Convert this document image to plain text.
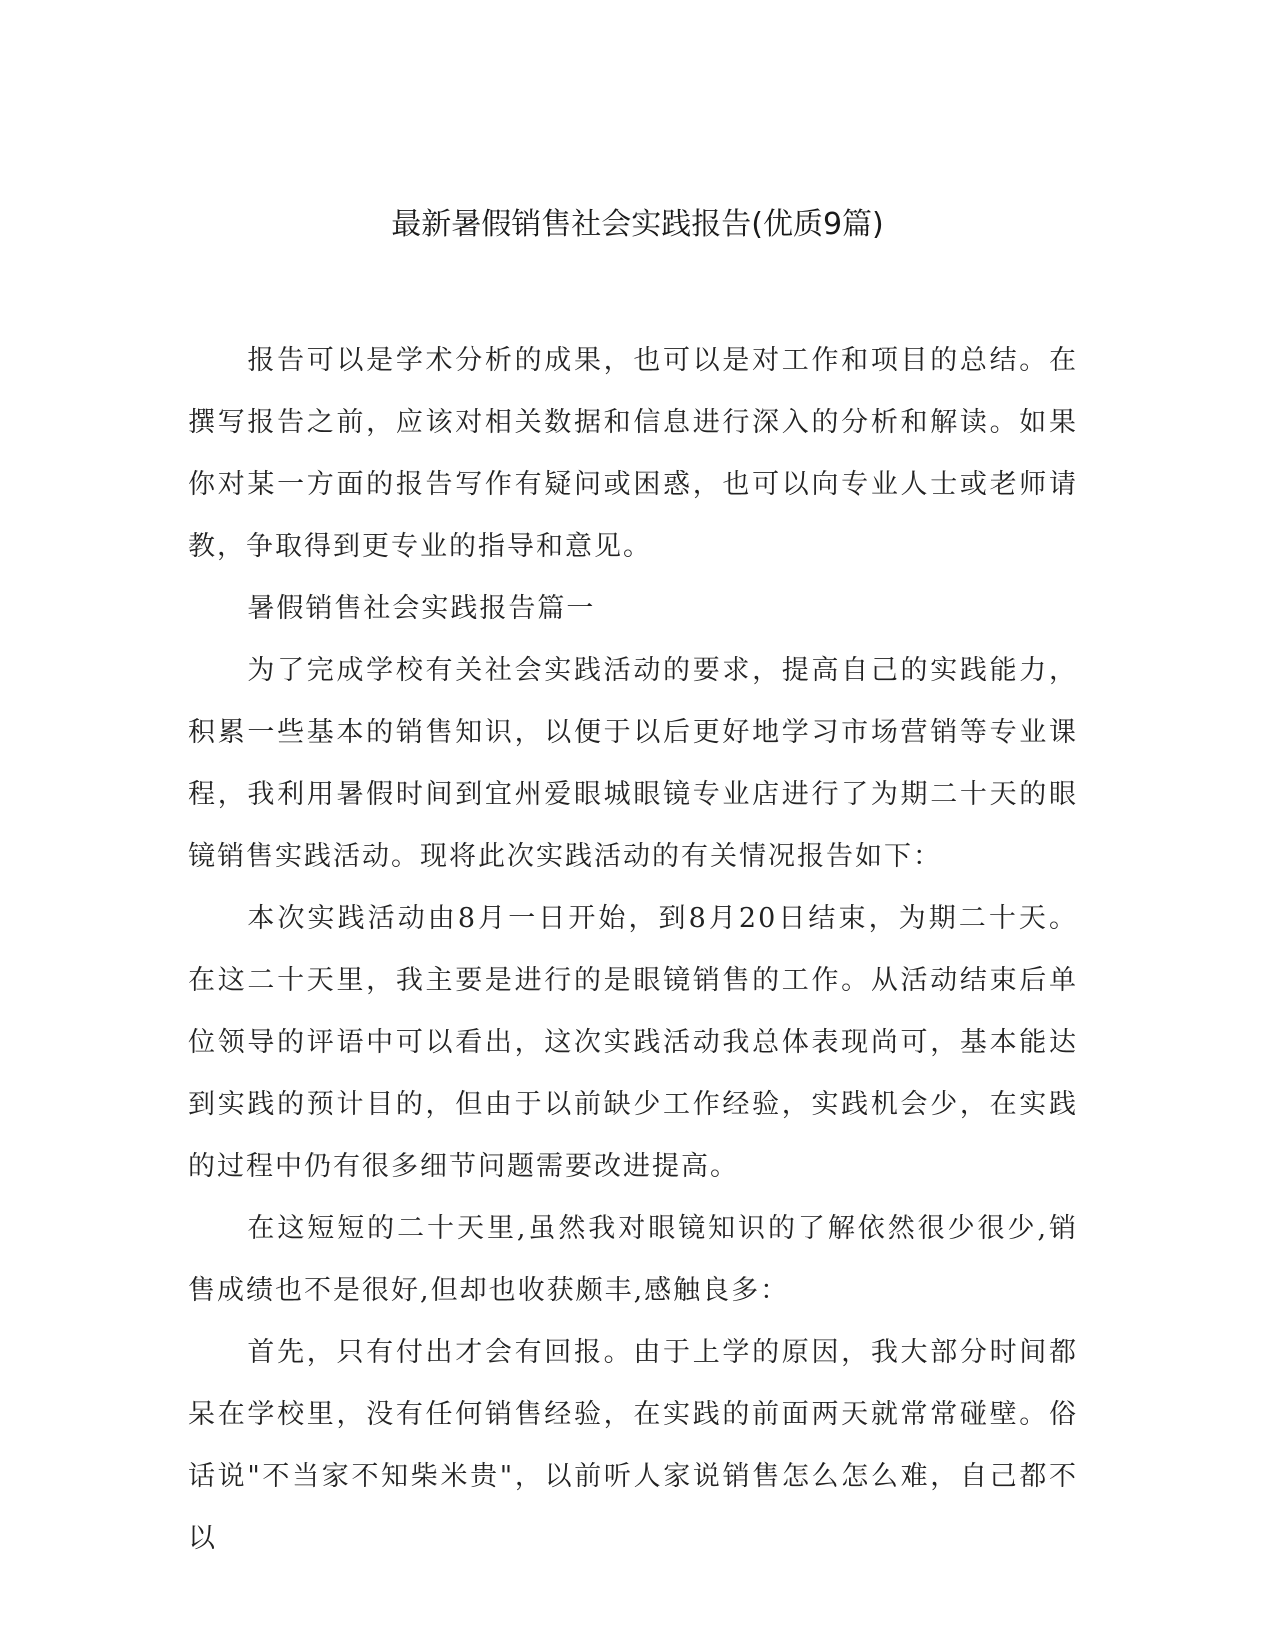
最新暑假销售社会实践报告(优质9篇)

报告可以是学术分析的成果，也可以是对工作和项目的总结。在撰写报告之前，应该对相关数据和信息进行深入的分析和解读。如果你对某一方面的报告写作有疑问或困惑，也可以向专业人士或老师请教，争取得到更专业的指导和意见。

暑假销售社会实践报告篇一

为了完成学校有关社会实践活动的要求，提高自己的实践能力，积累一些基本的销售知识，以便于以后更好地学习市场营销等专业课程，我利用暑假时间到宜州爱眼城眼镜专业店进行了为期二十天的眼镜销售实践活动。现将此次实践活动的有关情况报告如下：

本次实践活动由8月一日开始，到8月20日结束，为期二十天。在这二十天里，我主要是进行的是眼镜销售的工作。从活动结束后单位领导的评语中可以看出，这次实践活动我总体表现尚可，基本能达到实践的预计目的，但由于以前缺少工作经验，实践机会少，在实践的过程中仍有很多细节问题需要改进提高。

在这短短的二十天里,虽然我对眼镜知识的了解依然很少很少,销售成绩也不是很好,但却也收获颇丰,感触良多：

首先，只有付出才会有回报。由于上学的原因，我大部分时间都呆在学校里，没有任何销售经验，在实践的前面两天就常常碰壁。俗话说"不当家不知柴米贵"，以前听人家说销售怎么怎么难，自己都不以
